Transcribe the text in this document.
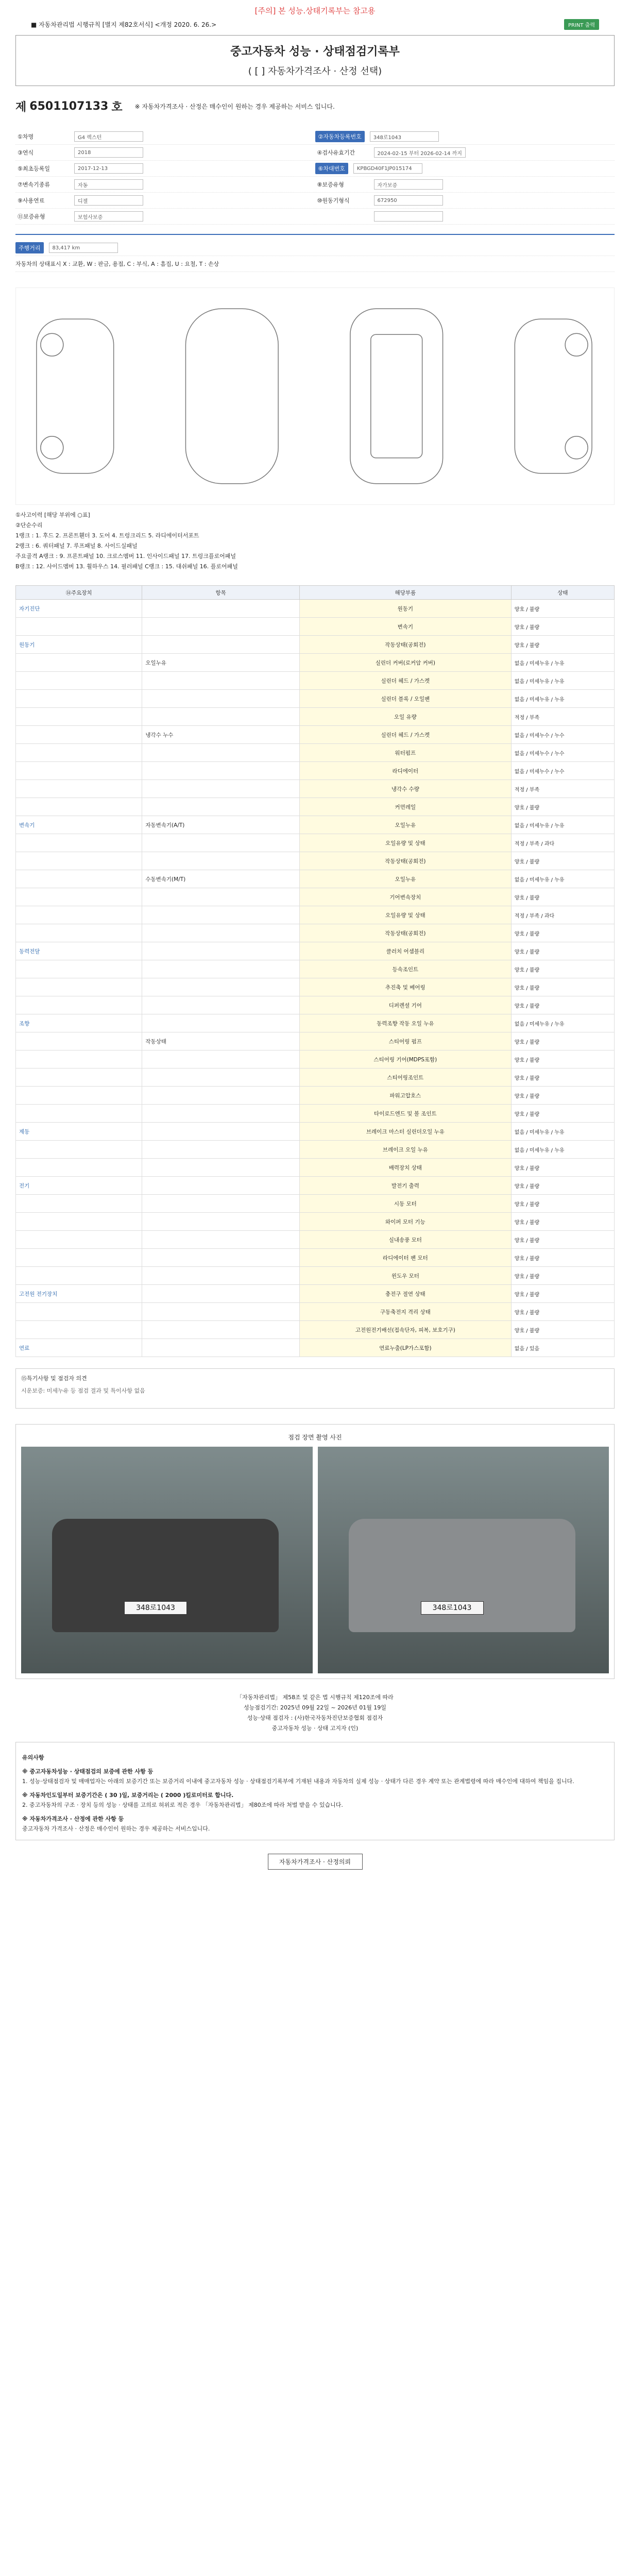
[주의] 본 성능.상태기록부는 참고용
■ 자동차관리법 시행규칙 [별지 제82호서식] <개정 2020. 6. 26.>	PRINT 출력
중고자동차 성능 · 상태점검기록부
( [ ] 자동차가격조사 · 산정 선택)
제 6501107133 호 ※ 자동차가격조사 · 산정은 매수인이 원하는 경우 제공하는 서비스 입니다.
①차명	G4 렉스턴	②자동차등록번호	348로1043
③연식	2018	④검사유효기간	2024-02-15 부터 2026-02-14 까지
⑤최초등록일	2017-12-13	⑥차대번호	KPBGD40F1JP015174
⑦변속기종류	자동	⑧보증유형	자가보증
⑨사용연료	디젤	⑩원동기형식	672950
⑪보증유형	보험사보증
주행거리	83,417 km
자동차의 상태표시 X : 교환, W : 판금, 용접, C : 부식, A : 흠집, U : 요철, T : 손상
①사고이력 [해당 부위에 ○표]
②단순수리
1랭크 : 1. 후드 2. 프론트휀더 3. 도어 4. 트렁크리드 5. 라디에이터서포트
2랭크 : 6. 쿼터패널 7. 루프패널 8. 사이드실패널
주요골격 A랭크 : 9. 프론트패널 10. 크로스멤버 11. 인사이드패널 17. 트렁크플로어패널
B랭크 : 12. 사이드멤버 13. 휠하우스 14. 필러패널 C랭크 : 15. 대쉬패널 16. 플로어패널
⑭주요장치	항목	해당부품	상태
자기진단		원동기	양호 / 불량
		변속기	양호 / 불량
원동기		작동상태(공회전)	양호 / 불량
	오일누유	실린더 커버(로커암 커버)	없음 / 미세누유 / 누유
		실린더 헤드 / 가스켓	없음 / 미세누유 / 누유
		실린더 블록 / 오일팬	없음 / 미세누유 / 누유
		오일 유량	적정 / 부족
	냉각수 누수	실린더 헤드 / 가스켓	없음 / 미세누수 / 누수
		워터펌프	없음 / 미세누수 / 누수
		라디에이터	없음 / 미세누수 / 누수
		냉각수 수량	적정 / 부족
		커먼레일	양호 / 불량
변속기	자동변속기(A/T)	오일누유	없음 / 미세누유 / 누유
		오일유량 및 상태	적정 / 부족 / 과다
		작동상태(공회전)	양호 / 불량
	수동변속기(M/T)	오일누유	없음 / 미세누유 / 누유
		기어변속장치	양호 / 불량
		오일유량 및 상태	적정 / 부족 / 과다
		작동상태(공회전)	양호 / 불량
동력전달		클러치 어셈블리	양호 / 불량
		등속조인트	양호 / 불량
		추진축 및 베어링	양호 / 불량
		디퍼렌셜 기어	양호 / 불량
조향		동력조향 작동 오일 누유	없음 / 미세누유 / 누유
	작동상태	스티어링 펌프	양호 / 불량
		스티어링 기어(MDPS포함)	양호 / 불량
		스티어링조인트	양호 / 불량
		파워고압호스	양호 / 불량
		타이로드엔드 및 볼 조인트	양호 / 불량
제동		브레이크 마스터 실린더오일 누유	없음 / 미세누유 / 누유
		브레이크 오일 누유	없음 / 미세누유 / 누유
		배력장치 상태	양호 / 불량
전기		발전기 출력	양호 / 불량
		시동 모터	양호 / 불량
		와이퍼 모터 기능	양호 / 불량
		실내송풍 모터	양호 / 불량
		라디에이터 팬 모터	양호 / 불량
		윈도우 모터	양호 / 불량
고전원 전기장치		충전구 절연 상태	양호 / 불량
		구동축전지 격리 상태	양호 / 불량
		고전원전기배선(접속단자, 피복, 보호기구)	양호 / 불량
연료		연료누출(LP가스포함)	없음 / 있음
⑮특기사항 및 점검자 의견
시운보증: 미세누유 등 점검 결과 및 특이사항 없음
점검 장면 촬영 사진
348로1043	348로1043
「자동차관리법」 제58조 및 같은 법 시행규칙 제120조에 따라
성능점검기간: 2025년 09월 22일 ~ 2026년 01월 19일
성능·상태 점검자 : (사)한국자동차진단보증협회 점검자
중고자동차 성능 · 상태 고지자 (인)
유의사항
※ 중고자동차성능 · 상태점검의 보증에 관한 사항 등
1. 성능·상태점검자 및 매매업자는 아래의 보증기간 또는 보증거리 이내에 중고자동차 성능 · 상태점검기록부에 기재된 내용과 자동차의 실제 성능 · 상태가 다른 경우 계약 또는 관계법령에 따라 매수인에 대하여 책임을 집니다.
※ 자동차인도일부터 보증기간은 ( 30 )일, 보증거리는 ( 2000 )킬로미터로 합니다.
2. 중고자동차의 구조 · 장치 등의 성능 · 상태를 고의로 허위로 적은 경우 「자동차관리법」 제80조에 따라 처벌 받을 수 있습니다.
※ 자동차가격조사 · 산정에 관한 사항 등
중고자동차 가격조사 · 산정은 매수인이 원하는 경우 제공하는 서비스입니다.
자동차가격조사 · 산정의뢰
